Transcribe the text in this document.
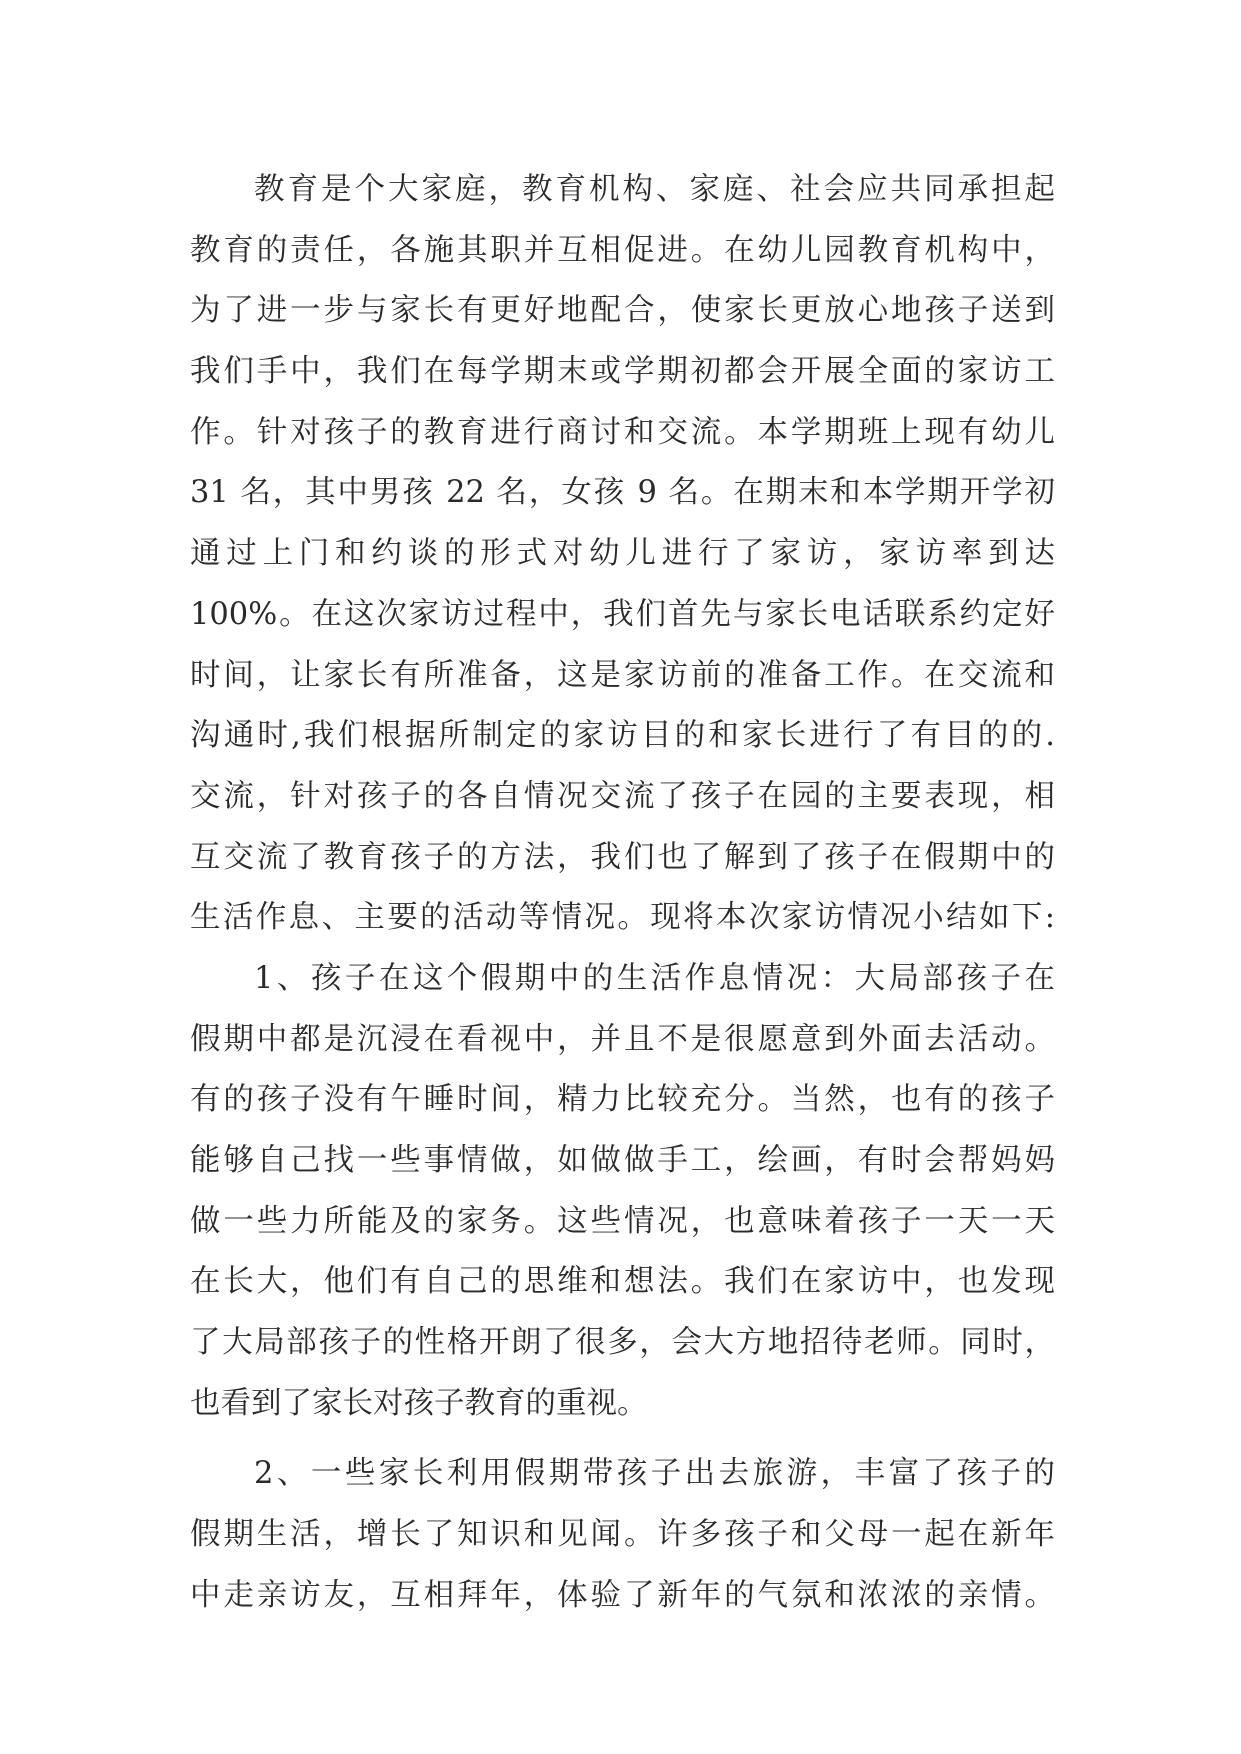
教育是个大家庭，教育机构、家庭、社会应共同承担起
教育的责任，各施其职并互相促进。在幼儿园教育机构中，
为了进一步与家长有更好地配合，使家长更放心地孩子送到
我们手中，我们在每学期末或学期初都会开展全面的家访工
作。针对孩子的教育进行商讨和交流。本学期班上现有幼儿
31 名，其中男孩 22 名，女孩 9 名。在期末和本学期开学初
通过上门和约谈的形式对幼儿进行了家访，家访率到达
100%。在这次家访过程中，我们首先与家长电话联系约定好
时间，让家长有所准备，这是家访前的准备工作。在交流和
沟通时,我们根据所制定的家访目的和家长进行了有目的的.
交流，针对孩子的各自情况交流了孩子在园的主要表现，相
互交流了教育孩子的方法，我们也了解到了孩子在假期中的
生活作息、主要的活动等情况。现将本次家访情况小结如下:
1、孩子在这个假期中的生活作息情况：大局部孩子在
假期中都是沉浸在看视中，并且不是很愿意到外面去活动。
有的孩子没有午睡时间，精力比较充分。当然，也有的孩子
能够自己找一些事情做，如做做手工，绘画，有时会帮妈妈
做一些力所能及的家务。这些情况，也意味着孩子一天一天
在长大，他们有自己的思维和想法。我们在家访中，也发现
了大局部孩子的性格开朗了很多，会大方地招待老师。同时，
也看到了家长对孩子教育的重视。
2、一些家长利用假期带孩子出去旅游，丰富了孩子的
假期生活，增长了知识和见闻。许多孩子和父母一起在新年
中走亲访友，互相拜年，体验了新年的气氛和浓浓的亲情。
